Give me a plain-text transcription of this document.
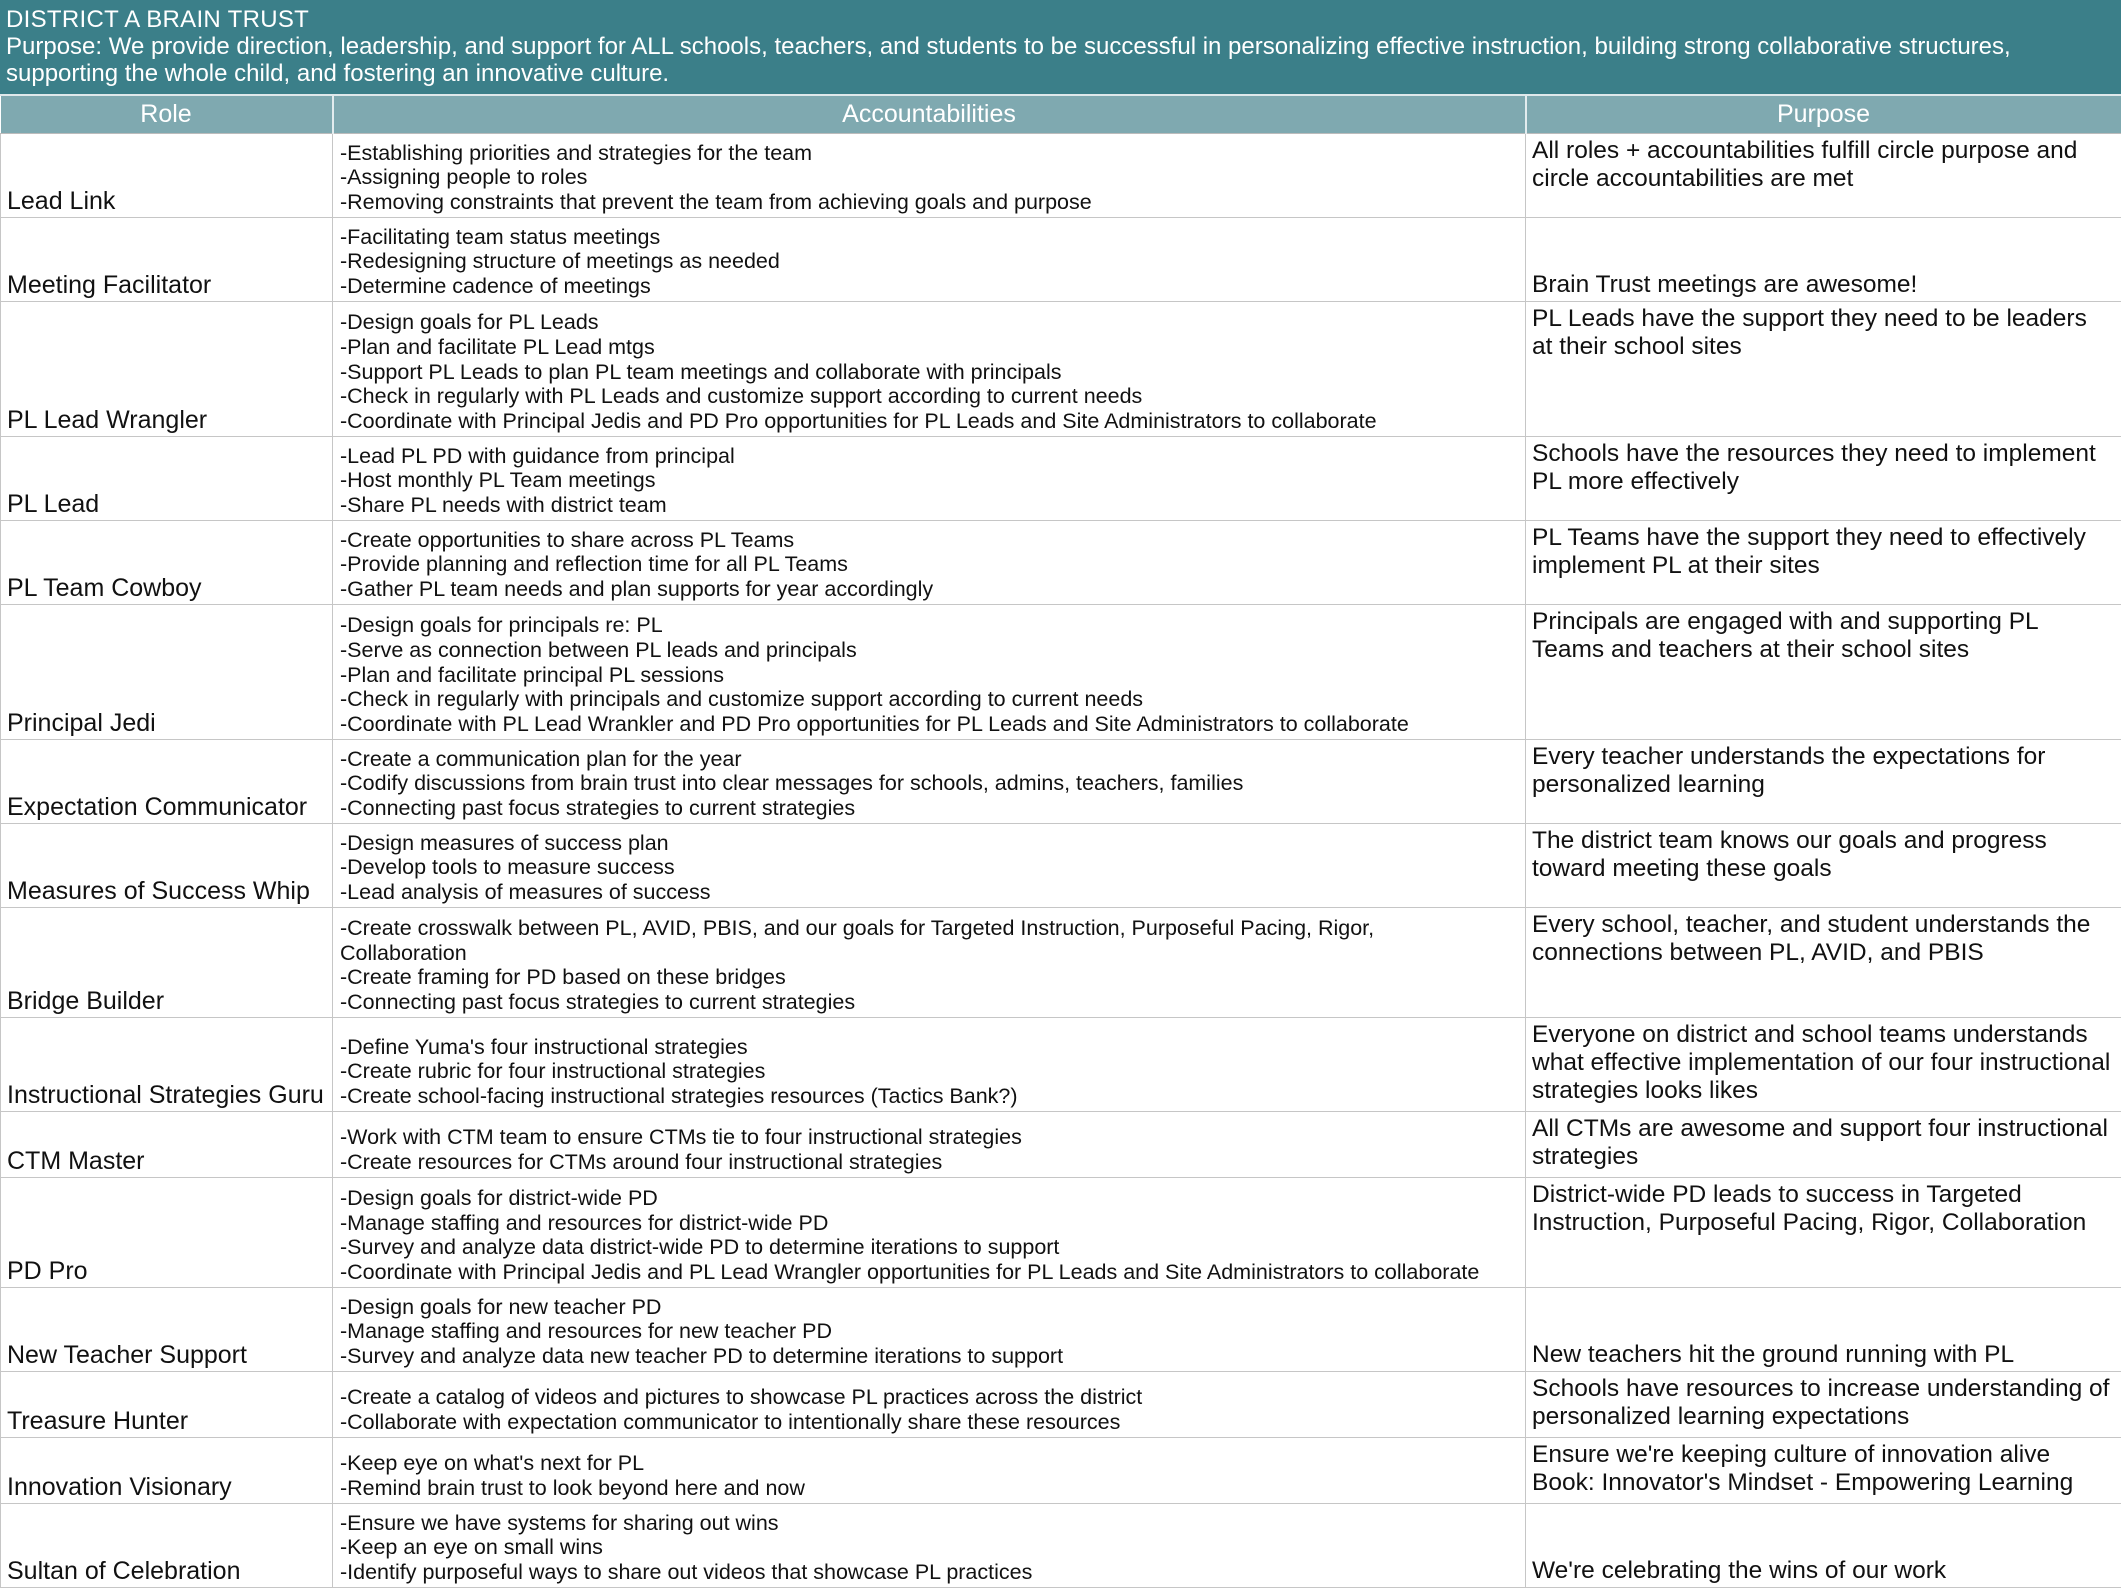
DISTRICT A BRAIN TRUST
Purpose: We provide direction, leadership, and support for ALL schools, teachers, and students to be successful in personalizing effective instruction, building strong collaborative structures, supporting the whole child, and fostering an innovative culture.
Role	Accountabilities	Purpose
Lead Link	-Establishing priorities and strategies for the team
-Assigning people to roles
-Removing constraints that prevent the team from achieving goals and purpose	All roles + accountabilities fulfill circle purpose and
circle accountabilities are met

Meeting Facilitator	-Facilitating team status meetings
-Redesigning structure of meetings as needed
-Determine cadence of meetings	Brain Trust meetings are awesome!

PL Lead Wrangler	-Design goals for PL Leads
-Plan and facilitate PL Lead mtgs
-Support PL Leads to plan PL team meetings and collaborate with principals
-Check in regularly with PL Leads and customize support according to current needs
-Coordinate with Principal Jedis and PD Pro opportunities for PL Leads and Site Administrators to collaborate	PL Leads have the support they need to be leaders
at their school sites

PL Lead	-Lead PL PD with guidance from principal
-Host monthly PL Team meetings
-Share PL needs with district team	Schools have the resources they need to implement
PL more effectively

PL Team Cowboy	-Create opportunities to share across PL Teams
-Provide planning and reflection time for all PL Teams
-Gather PL team needs and plan supports for year accordingly	PL Teams have the support they need to effectively
implement PL at their sites

Principal Jedi	-Design goals for principals re: PL
-Serve as connection between PL leads and principals
-Plan and facilitate principal PL sessions
-Check in regularly with principals and customize support according to current needs
-Coordinate with PL Lead Wrankler and PD Pro opportunities for PL Leads and Site Administrators to collaborate	Principals are engaged with and supporting PL
Teams and teachers at their school sites

Expectation Communicator	-Create a communication plan for the year
-Codify discussions from brain trust into clear messages for schools, admins, teachers, families
-Connecting past focus strategies to current strategies	Every teacher understands the expectations for
personalized learning

Measures of Success Whip	-Design measures of success plan
-Develop tools to measure success
-Lead analysis of measures of success	The district team knows our goals and progress
toward meeting these goals

Bridge Builder	-Create crosswalk between PL, AVID, PBIS, and our goals for Targeted Instruction, Purposeful Pacing, Rigor,
Collaboration
-Create framing for PD based on these bridges
-Connecting past focus strategies to current strategies	Every school, teacher, and student understands the
connections between PL, AVID, and PBIS

Instructional Strategies Guru	-Define Yuma's four instructional strategies
-Create rubric for four instructional strategies
-Create school-facing instructional strategies resources (Tactics Bank?)	Everyone on district and school teams understands
what effective implementation of our four instructional
strategies looks likes

CTM Master	-Work with CTM team to ensure CTMs tie to four instructional strategies
-Create resources for CTMs around four instructional strategies	All CTMs are awesome and support four instructional
strategies

PD Pro	-Design goals for district-wide PD
-Manage staffing and resources for district-wide PD
-Survey and analyze data district-wide PD to determine iterations to support
-Coordinate with Principal Jedis and PL Lead Wrangler opportunities for PL Leads and Site Administrators to collaborate	District-wide PD leads to success in Targeted
Instruction, Purposeful Pacing, Rigor, Collaboration

New Teacher Support	-Design goals for new teacher PD
-Manage staffing and resources for new teacher PD
-Survey and analyze data new teacher PD to determine iterations to support	New teachers hit the ground running with PL

Treasure Hunter	-Create a catalog of videos and pictures to showcase PL practices across the district
-Collaborate with expectation communicator to intentionally share these resources	Schools have resources to increase understanding of
personalized learning expectations

Innovation Visionary	-Keep eye on what's next for PL
-Remind brain trust to look beyond here and now	Ensure we're keeping culture of innovation alive
Book: Innovator's Mindset - Empowering Learning

Sultan of Celebration	-Ensure we have systems for sharing out wins
-Keep an eye on small wins
-Identify purposeful ways to share out videos that showcase PL practices	We're celebrating the wins of our work
